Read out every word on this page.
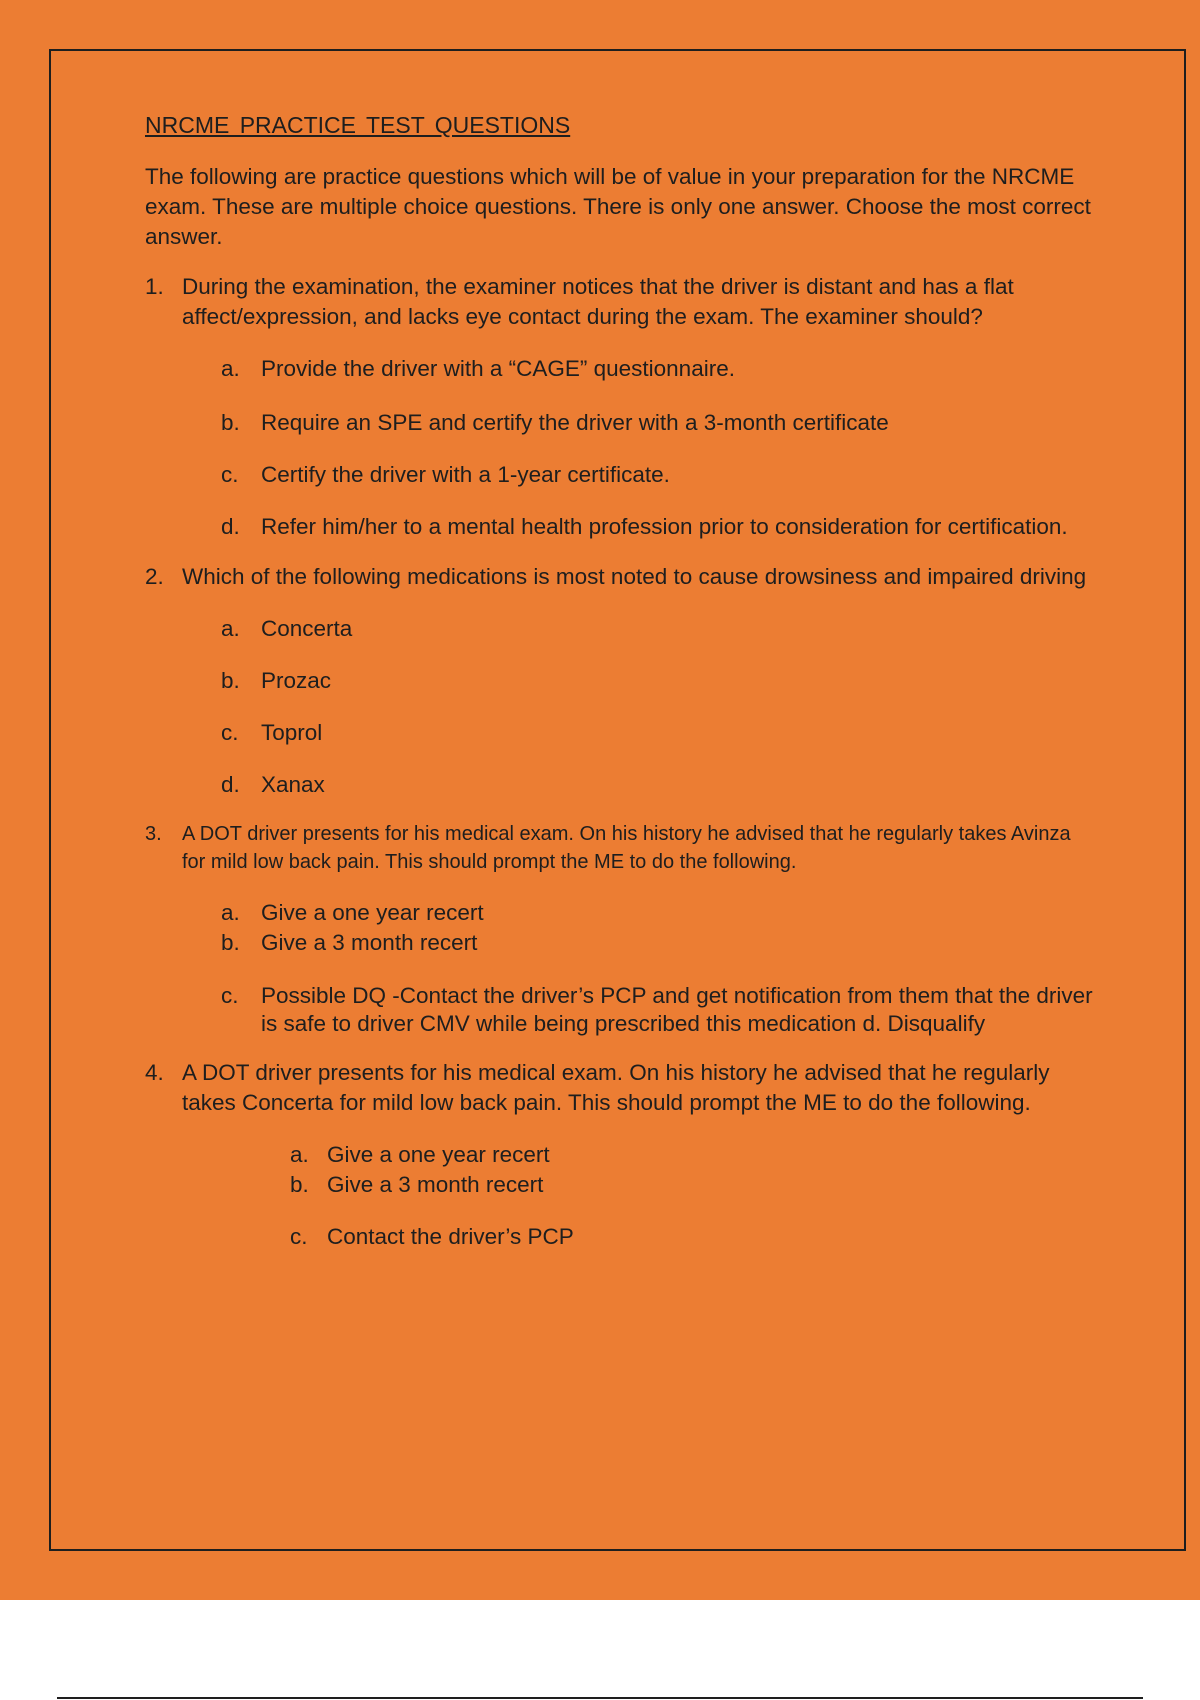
NRCME PRACTICE TEST QUESTIONS

The following are practice questions which will be of value in your preparation for the NRCME exam. These are multiple choice questions. There is only one answer. Choose the most correct answer.

1. During the examination, the examiner notices that the driver is distant and has a flat affect/expression, and lacks eye contact during the exam. The examiner should?
a. Provide the driver with a “CAGE” questionnaire.
b. Require an SPE and certify the driver with a 3-month certificate
c. Certify the driver with a 1-year certificate.
d. Refer him/her to a mental health profession prior to consideration for certification.
2. Which of the following medications is most noted to cause drowsiness and impaired driving
a. Concerta
b. Prozac
c. Toprol
d. Xanax
3.	A DOT driver presents for his medical exam. On his history he advised that he regularly takes Avinza for mild low back pain. This should prompt the ME to do the following.
a. Give a one year recert
b. Give a 3 month recert
c. Possible DQ -Contact the driver’s PCP and get notification from them that the driver is safe to driver CMV while being prescribed this medication d. Disqualify
4. A DOT driver presents for his medical exam. On his history he advised that he regularly takes Concerta for mild low back pain. This should prompt the ME to do the following.
a. Give a one year recert
b. Give a 3 month recert
c. Contact the driver’s PCP
